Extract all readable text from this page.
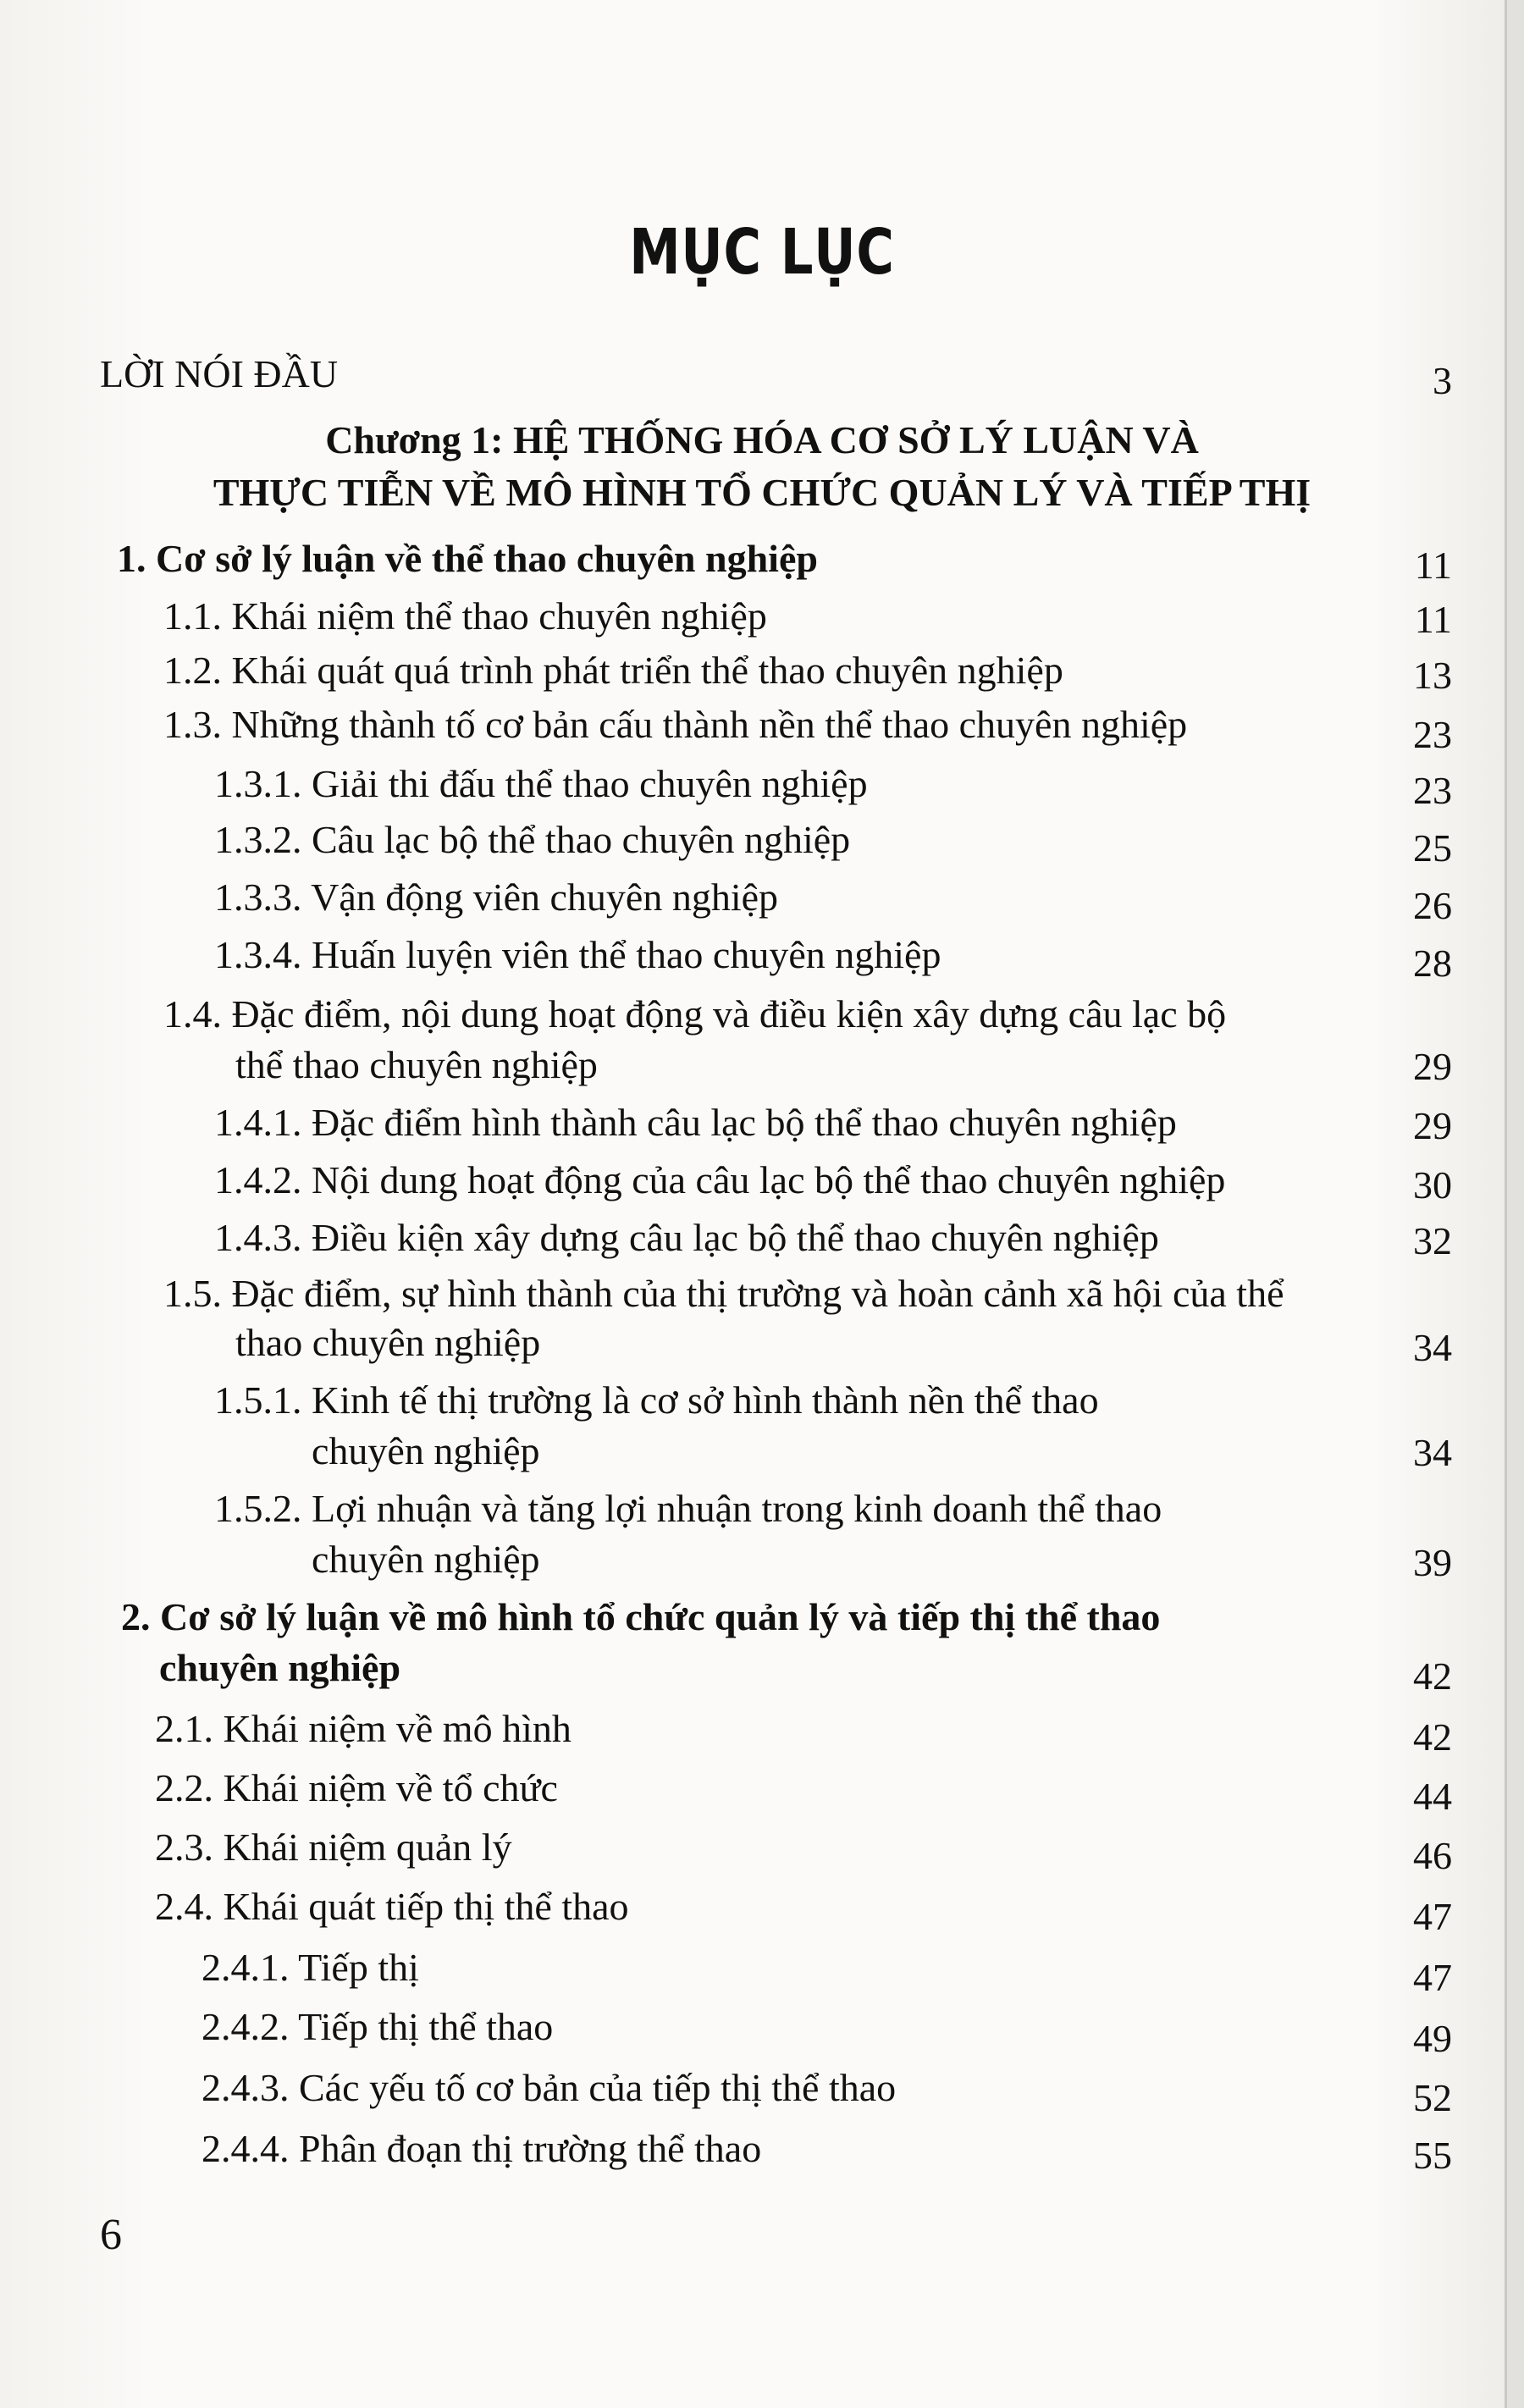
MỤC LỤC
LỜI NÓI ĐẦU	3
Chương 1: HỆ THỐNG HÓA CƠ SỞ LÝ LUẬN VÀ
THỰC TIỄN VỀ MÔ HÌNH TỔ CHỨC QUẢN LÝ VÀ TIẾP THỊ
1. Cơ sở lý luận về thể thao chuyên nghiệp	11
1.1. Khái niệm thể thao chuyên nghiệp	11
1.2. Khái quát quá trình phát triển thể thao chuyên nghiệp	13
1.3. Những thành tố cơ bản cấu thành nền thể thao chuyên nghiệp	23
1.3.1. Giải thi đấu thể thao chuyên nghiệp	23
1.3.2. Câu lạc bộ thể thao chuyên nghiệp	25
1.3.3. Vận động viên chuyên nghiệp	26
1.3.4. Huấn luyện viên thể thao chuyên nghiệp	28
1.4. Đặc điểm, nội dung hoạt động và điều kiện xây dựng câu lạc bộ
thể thao chuyên nghiệp	29
1.4.1. Đặc điểm hình thành câu lạc bộ thể thao chuyên nghiệp	29
1.4.2. Nội dung hoạt động của câu lạc bộ thể thao chuyên nghiệp	30
1.4.3. Điều kiện xây dựng câu lạc bộ thể thao chuyên nghiệp	32
1.5. Đặc điểm, sự hình thành của thị trường và hoàn cảnh xã hội của thể
thao chuyên nghiệp	34
1.5.1. Kinh tế thị trường là cơ sở hình thành nền thể thao
chuyên nghiệp	34
1.5.2. Lợi nhuận và tăng lợi nhuận trong kinh doanh thể thao
chuyên nghiệp	39
2. Cơ sở lý luận về mô hình tổ chức quản lý và tiếp thị thể thao
chuyên nghiệp	42
2.1. Khái niệm về mô hình	42
2.2. Khái niệm về tổ chức	44
2.3. Khái niệm quản lý	46
2.4. Khái quát tiếp thị thể thao	47
2.4.1. Tiếp thị	47
2.4.2. Tiếp thị thể thao	49
2.4.3. Các yếu tố cơ bản của tiếp thị thể thao	52
2.4.4. Phân đoạn thị trường thể thao	55
6
